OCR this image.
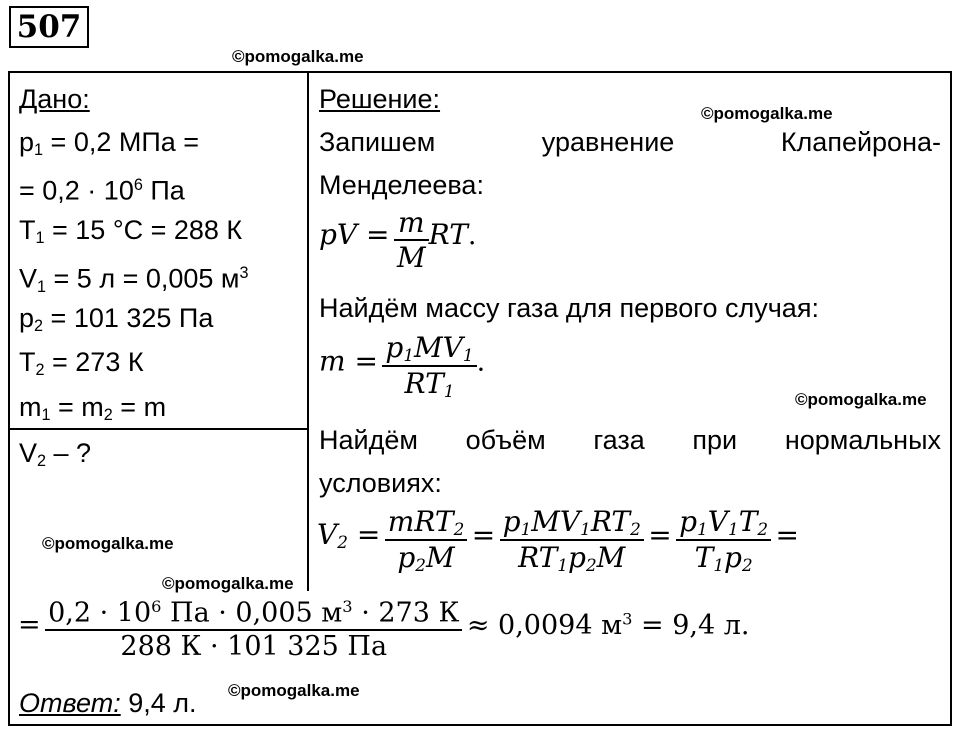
507
Дано:
$p_1 = 0,2$ МПа =
= $0,2 \cdot 10^6$ Па
$T_1 = 15$ °C = 288 К
$V_1 = 5$ л = 0,005 $м^3$
$p_2 = 101$ 325 Па
$T_2 = 273$ К
$m_1 = m_2 = m$
$V_2$ – ?
Решение:
Запишем	уравнение	Клапейрона-
Менделеева:
pV = $\frac{m}{M}$ RT.
Найдём массу газа для первого случая:
$m = \frac{p_1MV_1}{RT_1}$ .
Найдём объём газа при нормальных
условиях:
$V_2 = \frac{mRT_2}{p_2M} = \frac{p_1MV_1RT_2}{RT_1p_2M} = \frac{p_1V_1T_2}{T_1p_2}$ =
= $\frac{0,2 \cdot 10^6 Па \cdot 0,005 м^3 \cdot 273 К}{288 К \cdot 101 325 Па} \approx 0,0094$ $м^3 = 9,4$ л.
Ответ: 9,4 л.
©pomogalka.me
©pomogalka.me
©pomogalka.me
©pomogalka.me
©pomogalka.me
©pomogalka.me
